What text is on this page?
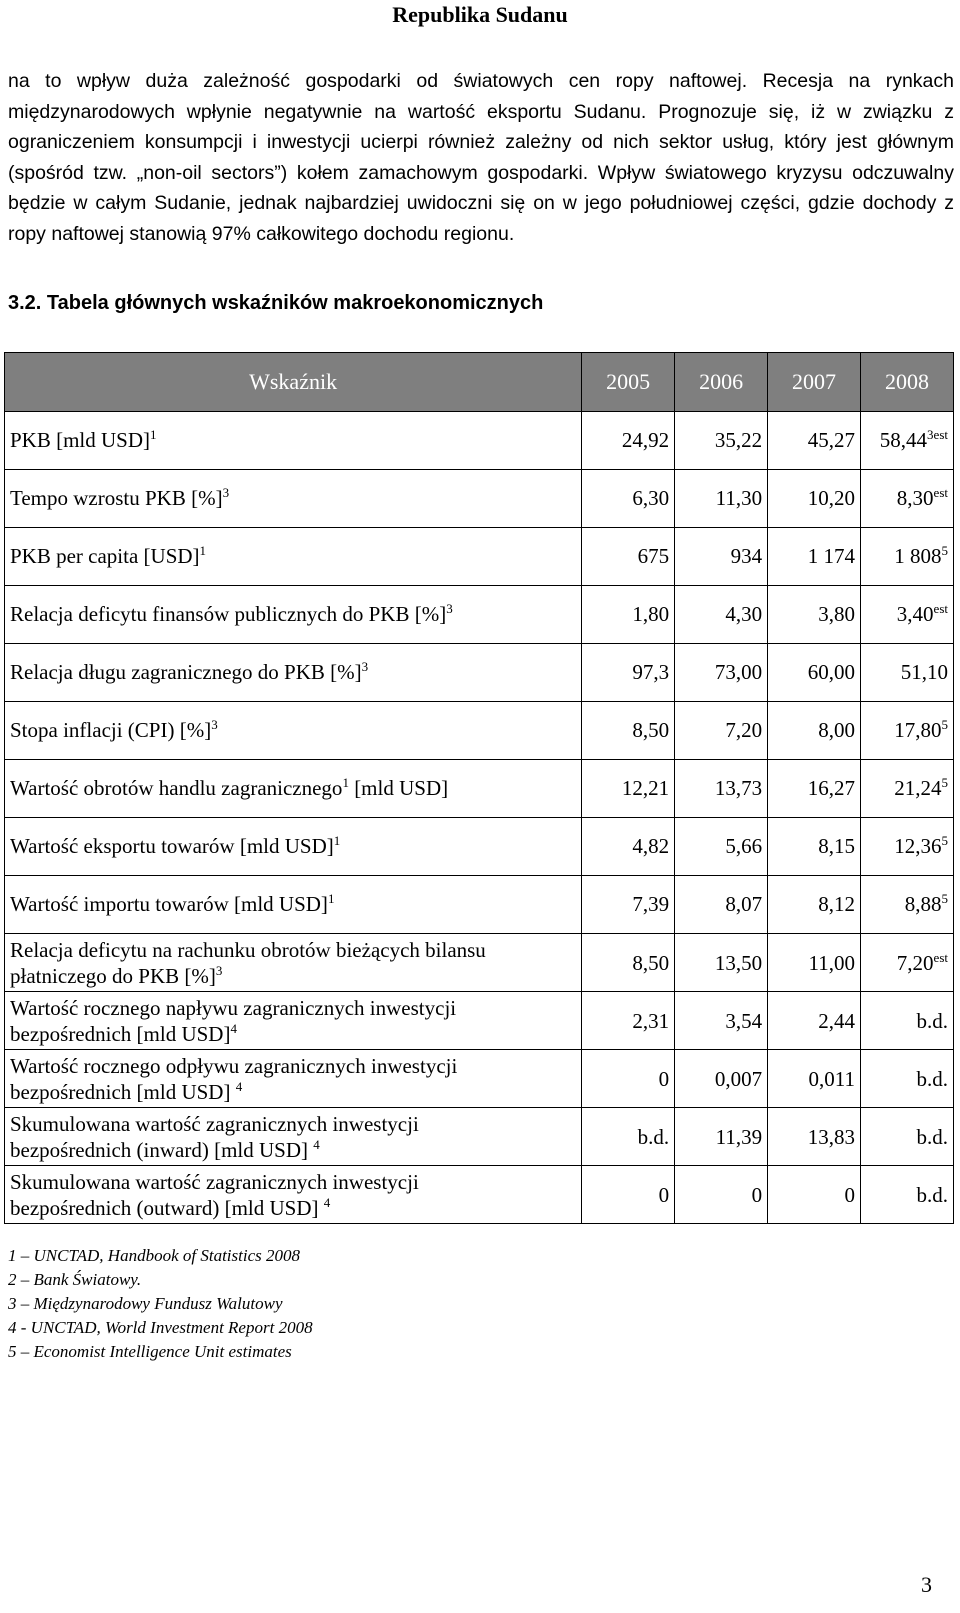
Republika Sudanu
na to wpływ duża zależność gospodarki od światowych cen ropy naftowej. Recesja na rynkach międzynarodowych wpłynie negatywnie na wartość eksportu Sudanu. Prognozuje się, iż w związku z ograniczeniem konsumpcji i inwestycji ucierpi również zależny od nich sektor usług, który jest głównym (spośród tzw. „non-oil sectors”) kołem zamachowym gospodarki. Wpływ światowego kryzysu odczuwalny będzie w całym Sudanie, jednak najbardziej uwidoczni się on w jego południowej części, gdzie dochody z ropy naftowej stanowią 97% całkowitego dochodu regionu.
3.2. Tabela głównych wskaźników makroekonomicznych
Wskaźnik	2005	2006	2007	2008
PKB [mld USD]$^1$	24,92	35,22	45,27	$58,44^{3est}$
Tempo wzrostu PKB [%]$^3$	6,30	11,30	10,20	$8,30^{est}$
PKB per capita [USD]$^1$	675	934	1 174	1 $808^5$
Relacja deficytu finansów publicznych do PKB [%]$^3$	1,80	4,30	3,80	$3,40^{est}$
Relacja długu zagranicznego do PKB [%]$^3$	97,3	73,00	60,00	51,10
Stopa inflacji (CPI) [%]$^3$	8,50	7,20	8,00	17,80$^5$
Wartość obrotów handlu zagranicznego$^1$ [mld USD]	12,21	13,73	16,27	21,24$^5$
Wartość eksportu towarów [mld USD]$^1$	4,82	5,66	8,15	12,36$^5$
Wartość importu towarów [mld USD]$^1$	7,39	8,07	8,12	8,88$^5$
Relacja deficytu na rachunku obrotów bieżących bilansu
płatniczego do PKB [%]$^3$	8,50	13,50	11,00	$7,20^{est}$
Wartość rocznego napływu zagranicznych inwestycji
bezpośrednich [mld USD]$^4$	2,31	3,54	2,44	b.d.
Wartość rocznego odpływu zagranicznych inwestycji
bezpośrednich [mld USD] $^4$	0	0,007	0,011	b.d.
Skumulowana wartość zagranicznych inwestycji
bezpośrednich (inward) [mld USD] $^4$	b.d.	11,39	13,83	b.d.
Skumulowana wartość zagranicznych inwestycji
bezpośrednich (outward) [mld USD] $^4$	0	0	0	b.d.
1 – UNCTAD, Handbook of Statistics 2008
2 – Bank Światowy.
3 – Międzynarodowy Fundusz Walutowy
4 - UNCTAD, World Investment Report 2008
5 – Economist Intelligence Unit estimates
3
